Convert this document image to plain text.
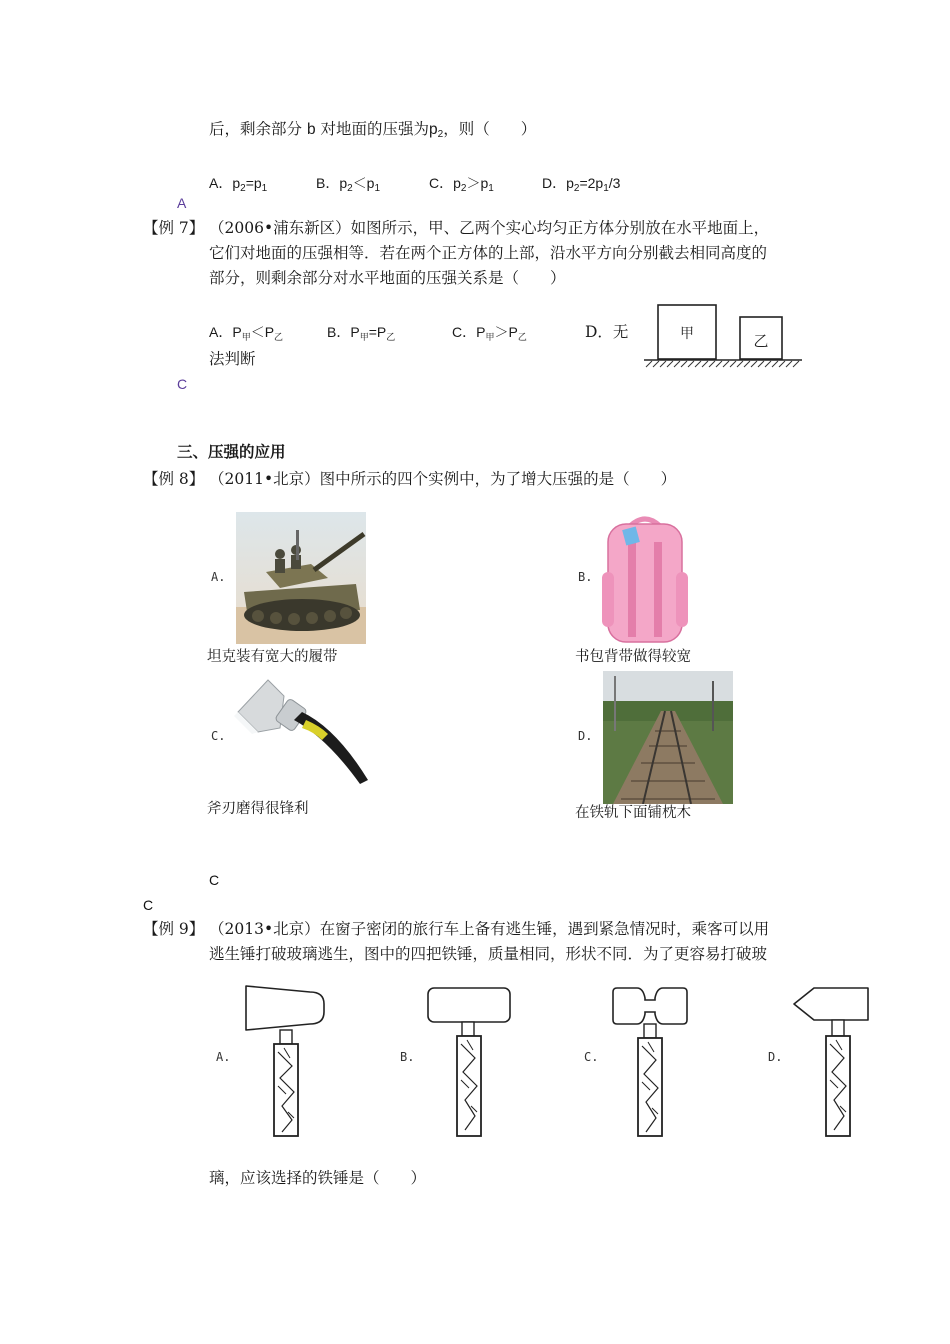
后，剩余部分 b 对地面的压强为$p_2$，则（　　）
A．$p_2=p_1$	B．$p_2<p_1$	C．$p_2>p_1$	D．$p_2=2p_1/3$
A
【例 7】 （2006•浦东新区）如图所示，甲、乙两个实心均匀正方体分别放在水平地面上，
它们对地面的压强相等．若在两个正方体的上部，沿水平方向分别截去相同高度的
部分，则剩余部分对水平地面的压强关系是（　　）
A．$P_甲<P_乙$	B．$P_甲=P_乙$	C．$P_甲>P_乙$	D．无
法判断
甲	乙
C
三、压强的应用
【例 8】 （2011•北京）图中所示的四个实例中，为了增大压强的是（　　）
A.
坦克装有宽大的履带
B.
书包背带做得较宽
C.
斧刃磨得很锋利
D.
在铁轨下面铺枕木
C
C
【例 9】 （2013•北京）在窗子密闭的旅行车上备有逃生锤，遇到紧急情况时，乘客可以用
逃生锤打破玻璃逃生，图中的四把铁锤，质量相同，形状不同．为了更容易打破玻
A.	B.	C.	D.
璃，应该选择的铁锤是（　　）
